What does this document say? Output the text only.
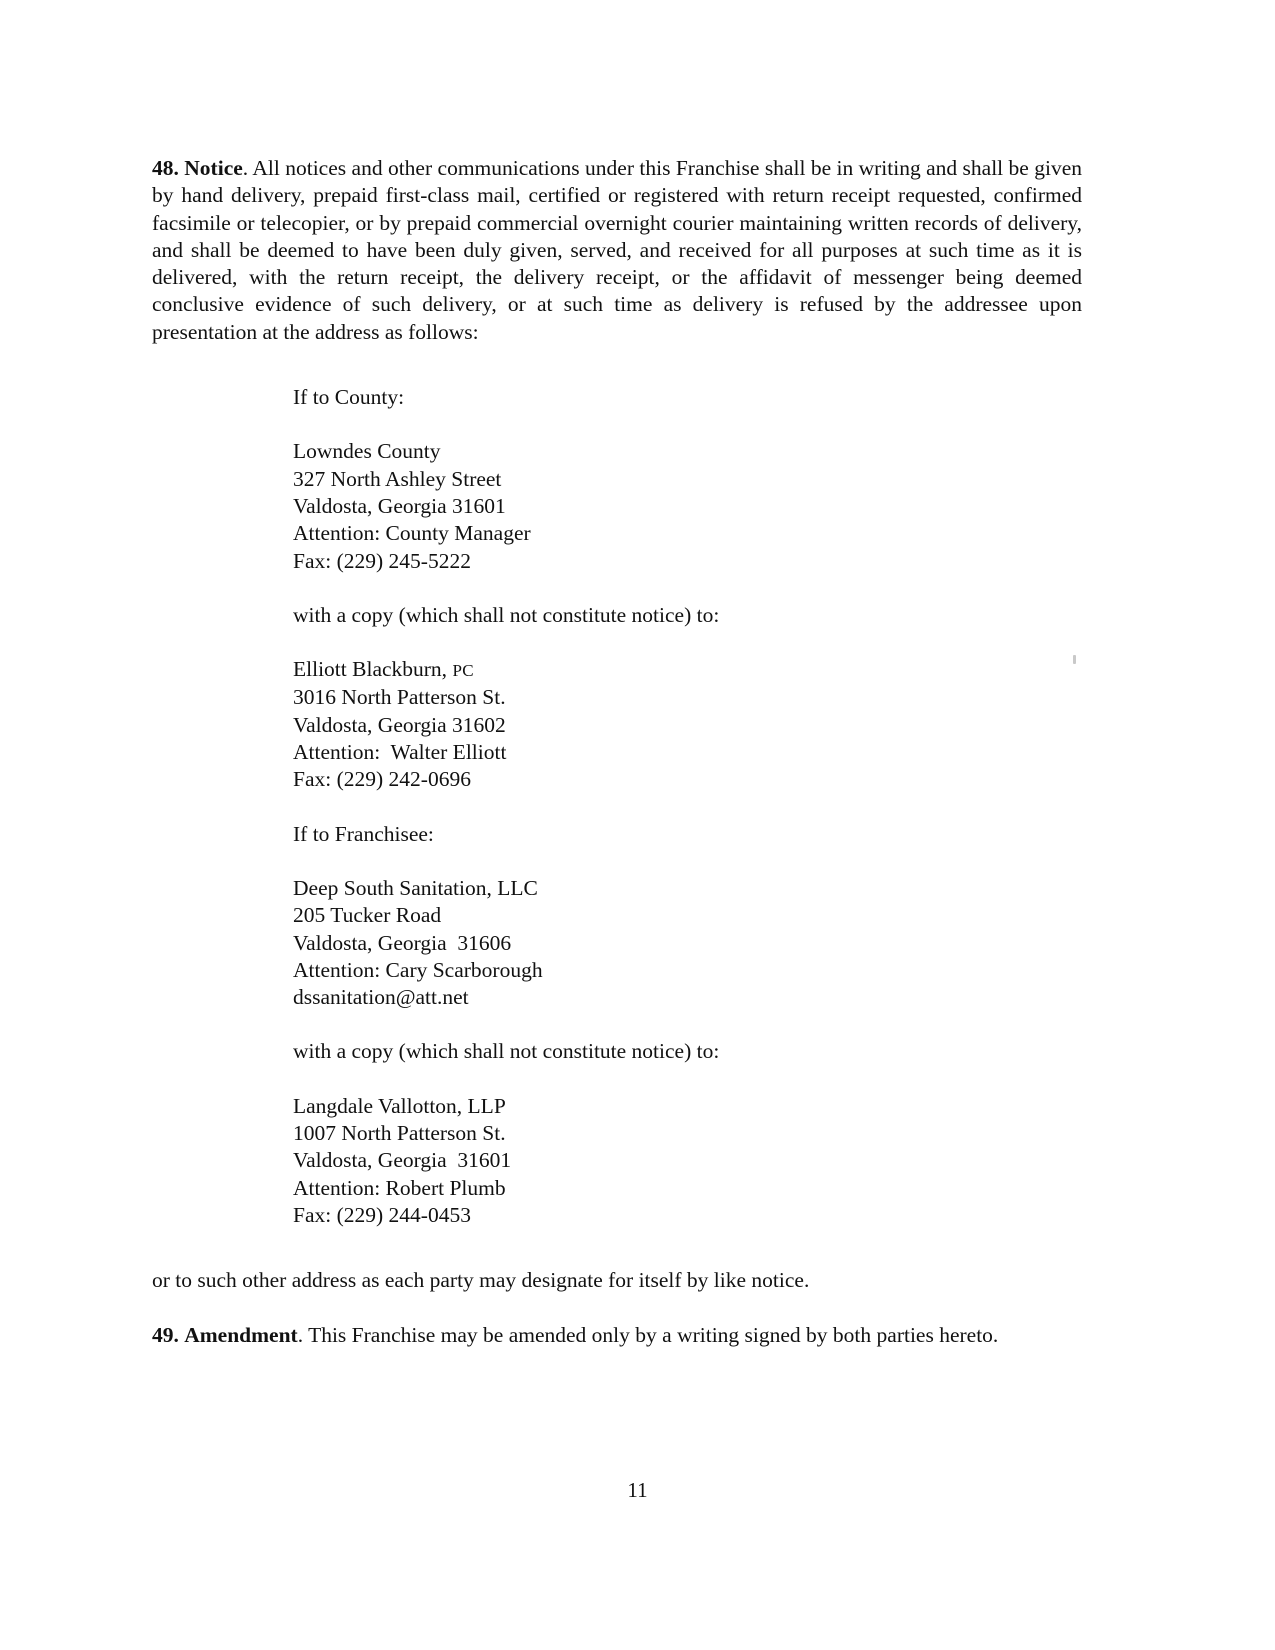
48. Notice. All notices and other communications under this Franchise shall be in writing and shall be given by hand delivery, prepaid first-class mail, certified or registered with return receipt requested, confirmed facsimile or telecopier, or by prepaid commercial overnight courier maintaining written records of delivery, and shall be deemed to have been duly given, served, and received for all purposes at such time as it is delivered, with the return receipt, the delivery receipt, or the affidavit of messenger being deemed conclusive evidence of such delivery, or at such time as delivery is refused by the addressee upon presentation at the address as follows:

If to County:
Lowndes County
327 North Ashley Street
Valdosta, Georgia 31601
Attention: County Manager
Fax: (229) 245-5222
with a copy (which shall not constitute notice) to:
Elliott Blackburn, PC
3016 North Patterson St.
Valdosta, Georgia 31602
Attention:  Walter Elliott
Fax: (229) 242-0696
If to Franchisee:
Deep South Sanitation, LLC
205 Tucker Road
Valdosta, Georgia  31606
Attention: Cary Scarborough
dssanitation@att.net
with a copy (which shall not constitute notice) to:
Langdale Vallotton, LLP
1007 North Patterson St.
Valdosta, Georgia  31601
Attention: Robert Plumb
Fax: (229) 244-0453

or to such other address as each party may designate for itself by like notice.

49. Amendment. This Franchise may be amended only by a writing signed by both parties hereto.

11
